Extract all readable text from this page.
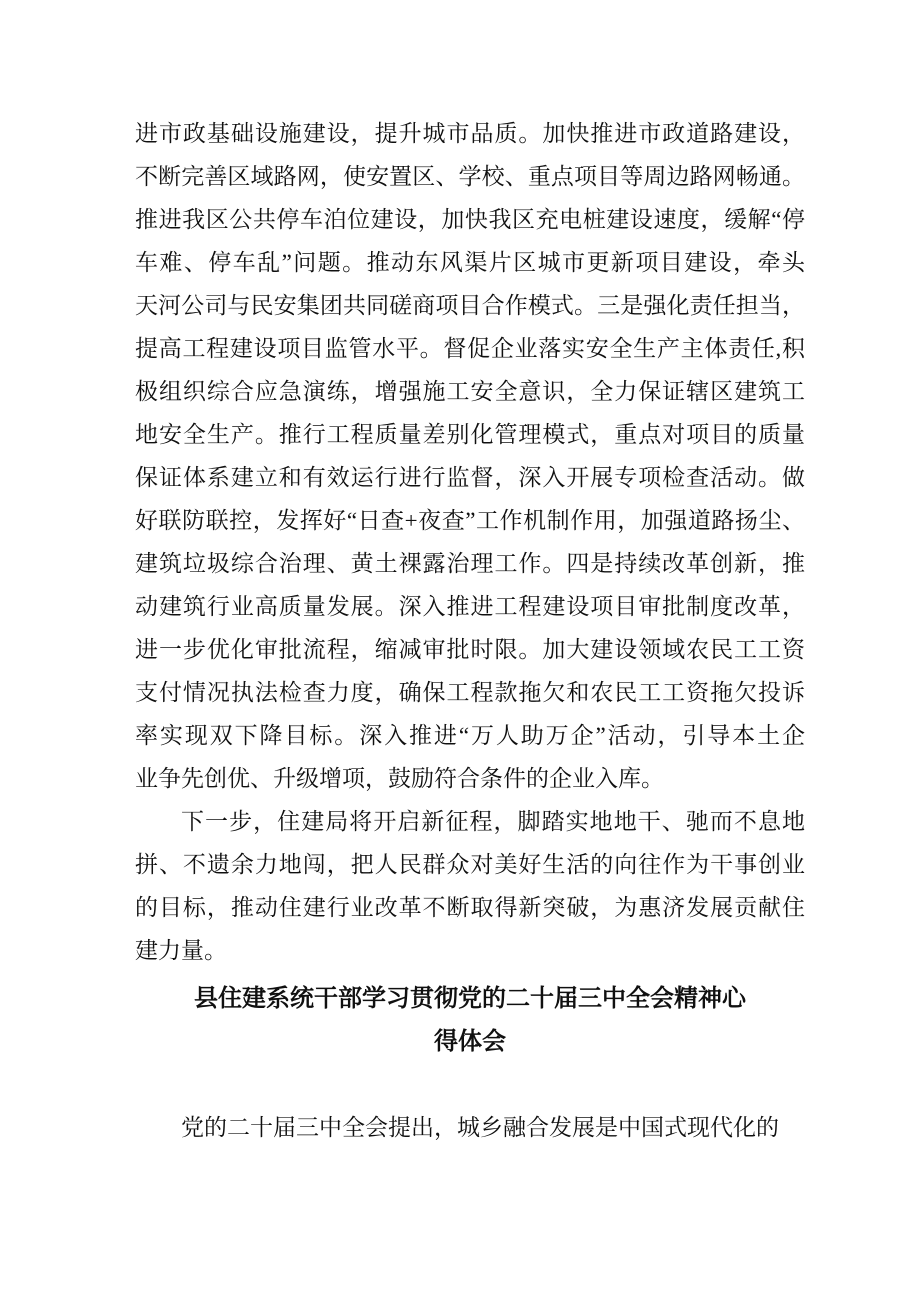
进市政基础设施建设，提升城市品质。加快推进市政道路建设，
不断完善区域路网，使安置区、学校、重点项目等周边路网畅通。
推进我区公共停车泊位建设，加快我区充电桩建设速度，缓解“停
车难、停车乱”问题。推动东风渠片区城市更新项目建设，牵头
天河公司与民安集团共同磋商项目合作模式。三是强化责任担当，
提高工程建设项目监管水平。督促企业落实安全生产主体责任,积
极组织综合应急演练，增强施工安全意识，全力保证辖区建筑工
地安全生产。推行工程质量差别化管理模式，重点对项目的质量
保证体系建立和有效运行进行监督，深入开展专项检查活动。做
好联防联控，发挥好“日查+夜查”工作机制作用，加强道路扬尘、
建筑垃圾综合治理、黄土裸露治理工作。四是持续改革创新，推
动建筑行业高质量发展。深入推进工程建设项目审批制度改革，
进一步优化审批流程，缩减审批时限。加大建设领域农民工工资
支付情况执法检查力度，确保工程款拖欠和农民工工资拖欠投诉
率实现双下降目标。深入推进“万人助万企”活动，引导本土企
业争先创优、升级增项，鼓励符合条件的企业入库。
下一步，住建局将开启新征程，脚踏实地地干、驰而不息地
拼、不遗余力地闯，把人民群众对美好生活的向往作为干事创业
的目标，推动住建行业改革不断取得新突破，为惠济发展贡献住
建力量。
县住建系统干部学习贯彻党的二十届三中全会精神心
得体会
党的二十届三中全会提出，城乡融合发展是中国式现代化的
